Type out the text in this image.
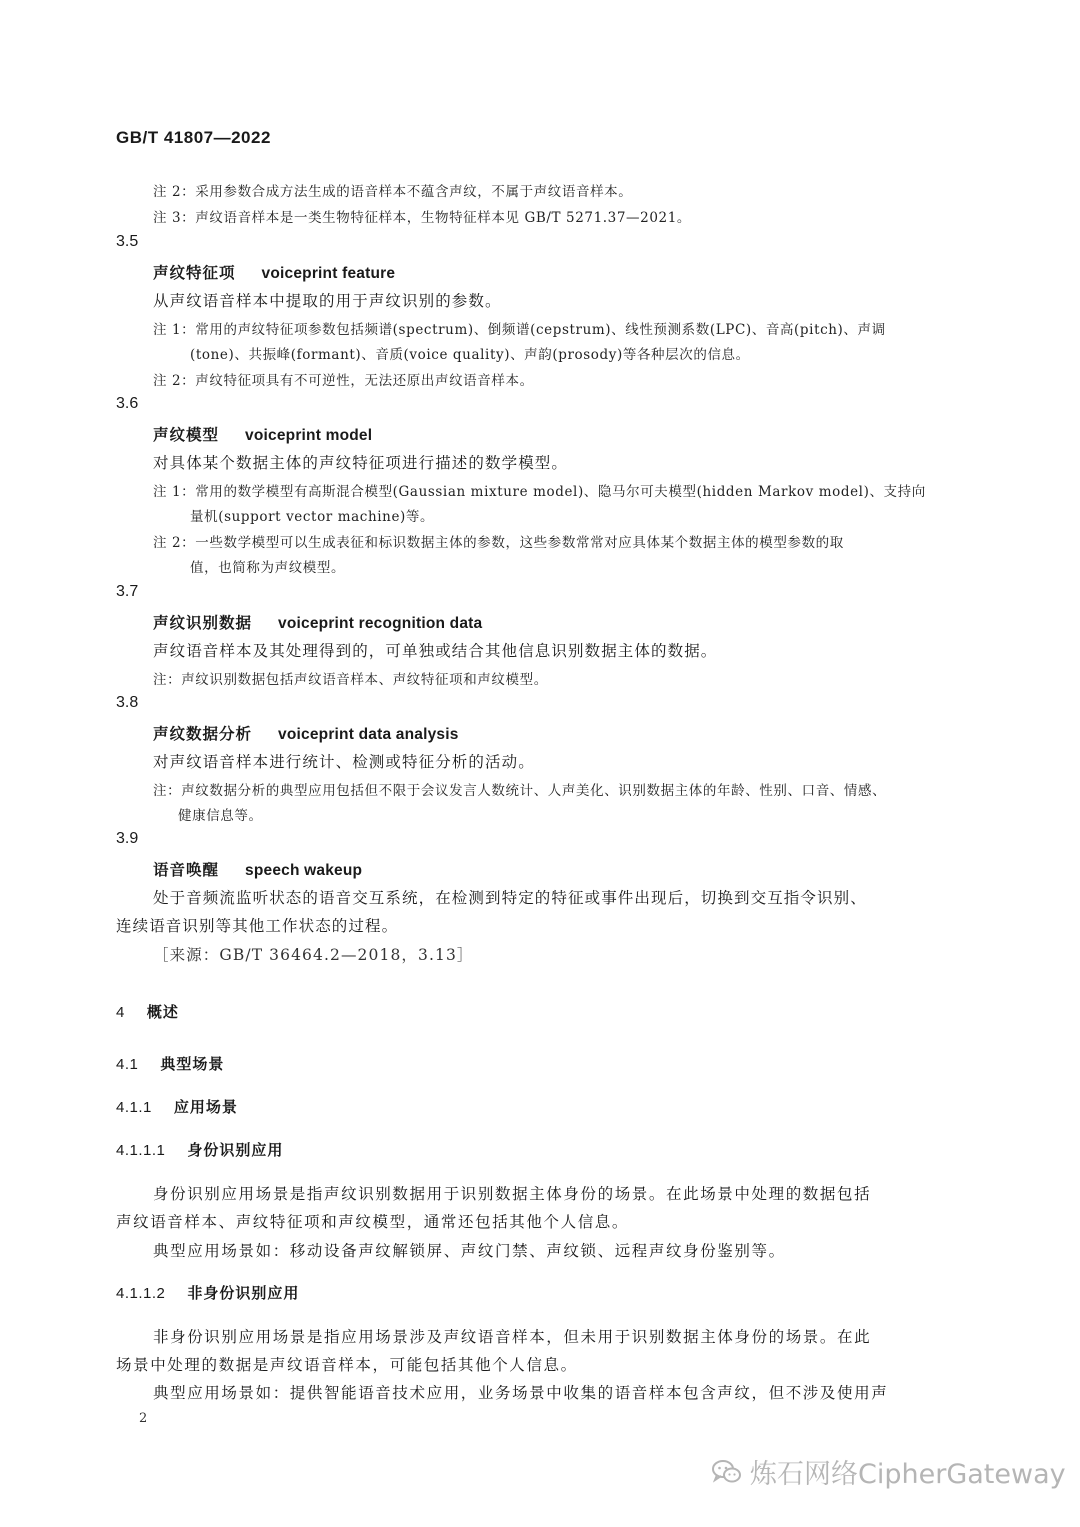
GB/T 41807—2022
注 2：采用参数合成方法生成的语音样本不蕴含声纹，不属于声纹语音样本。
注 3：声纹语音样本是一类生物特征样本，生物特征样本见 GB/T 5271.37—2021。
3.5
声纹特征项 voiceprint feature
从声纹语音样本中提取的用于声纹识别的参数。
注 1：常用的声纹特征项参数包括频谱(spectrum)、倒频谱(cepstrum)、线性预测系数(LPC)、音高(pitch)、声调
(tone)、共振峰(formant)、音质(voice quality)、声韵(prosody)等各种层次的信息。
注 2：声纹特征项具有不可逆性，无法还原出声纹语音样本。
3.6
声纹模型 voiceprint model
对具体某个数据主体的声纹特征项进行描述的数学模型。
注 1：常用的数学模型有高斯混合模型(Gaussian mixture model)、隐马尔可夫模型(hidden Markov model)、支持向
量机(support vector machine)等。
注 2：一些数学模型可以生成表征和标识数据主体的参数，这些参数常常对应具体某个数据主体的模型参数的取
值，也简称为声纹模型。
3.7
声纹识别数据 voiceprint recognition data
声纹语音样本及其处理得到的，可单独或结合其他信息识别数据主体的数据。
注：声纹识别数据包括声纹语音样本、声纹特征项和声纹模型。
3.8
声纹数据分析 voiceprint data analysis
对声纹语音样本进行统计、检测或特征分析的活动。
注：声纹数据分析的典型应用包括但不限于会议发言人数统计、人声美化、识别数据主体的年龄、性别、口音、情感、
健康信息等。
3.9
语音唤醒 speech wakeup
处于音频流监听状态的语音交互系统，在检测到特定的特征或事件出现后，切换到交互指令识别、
连续语音识别等其他工作状态的过程。
［来源：GB/T 36464.2—2018，3.13］
4 概述
4.1 典型场景
4.1.1 应用场景
4.1.1.1 身份识别应用
身份识别应用场景是指声纹识别数据用于识别数据主体身份的场景。在此场景中处理的数据包括
声纹语音样本、声纹特征项和声纹模型，通常还包括其他个人信息。
典型应用场景如：移动设备声纹解锁屏、声纹门禁、声纹锁、远程声纹身份鉴别等。
4.1.1.2 非身份识别应用
非身份识别应用场景是指应用场景涉及声纹语音样本，但未用于识别数据主体身份的场景。在此
场景中处理的数据是声纹语音样本，可能包括其他个人信息。
典型应用场景如：提供智能语音技术应用，业务场景中收集的语音样本包含声纹，但不涉及使用声
2
炼石网络CipherGateway
